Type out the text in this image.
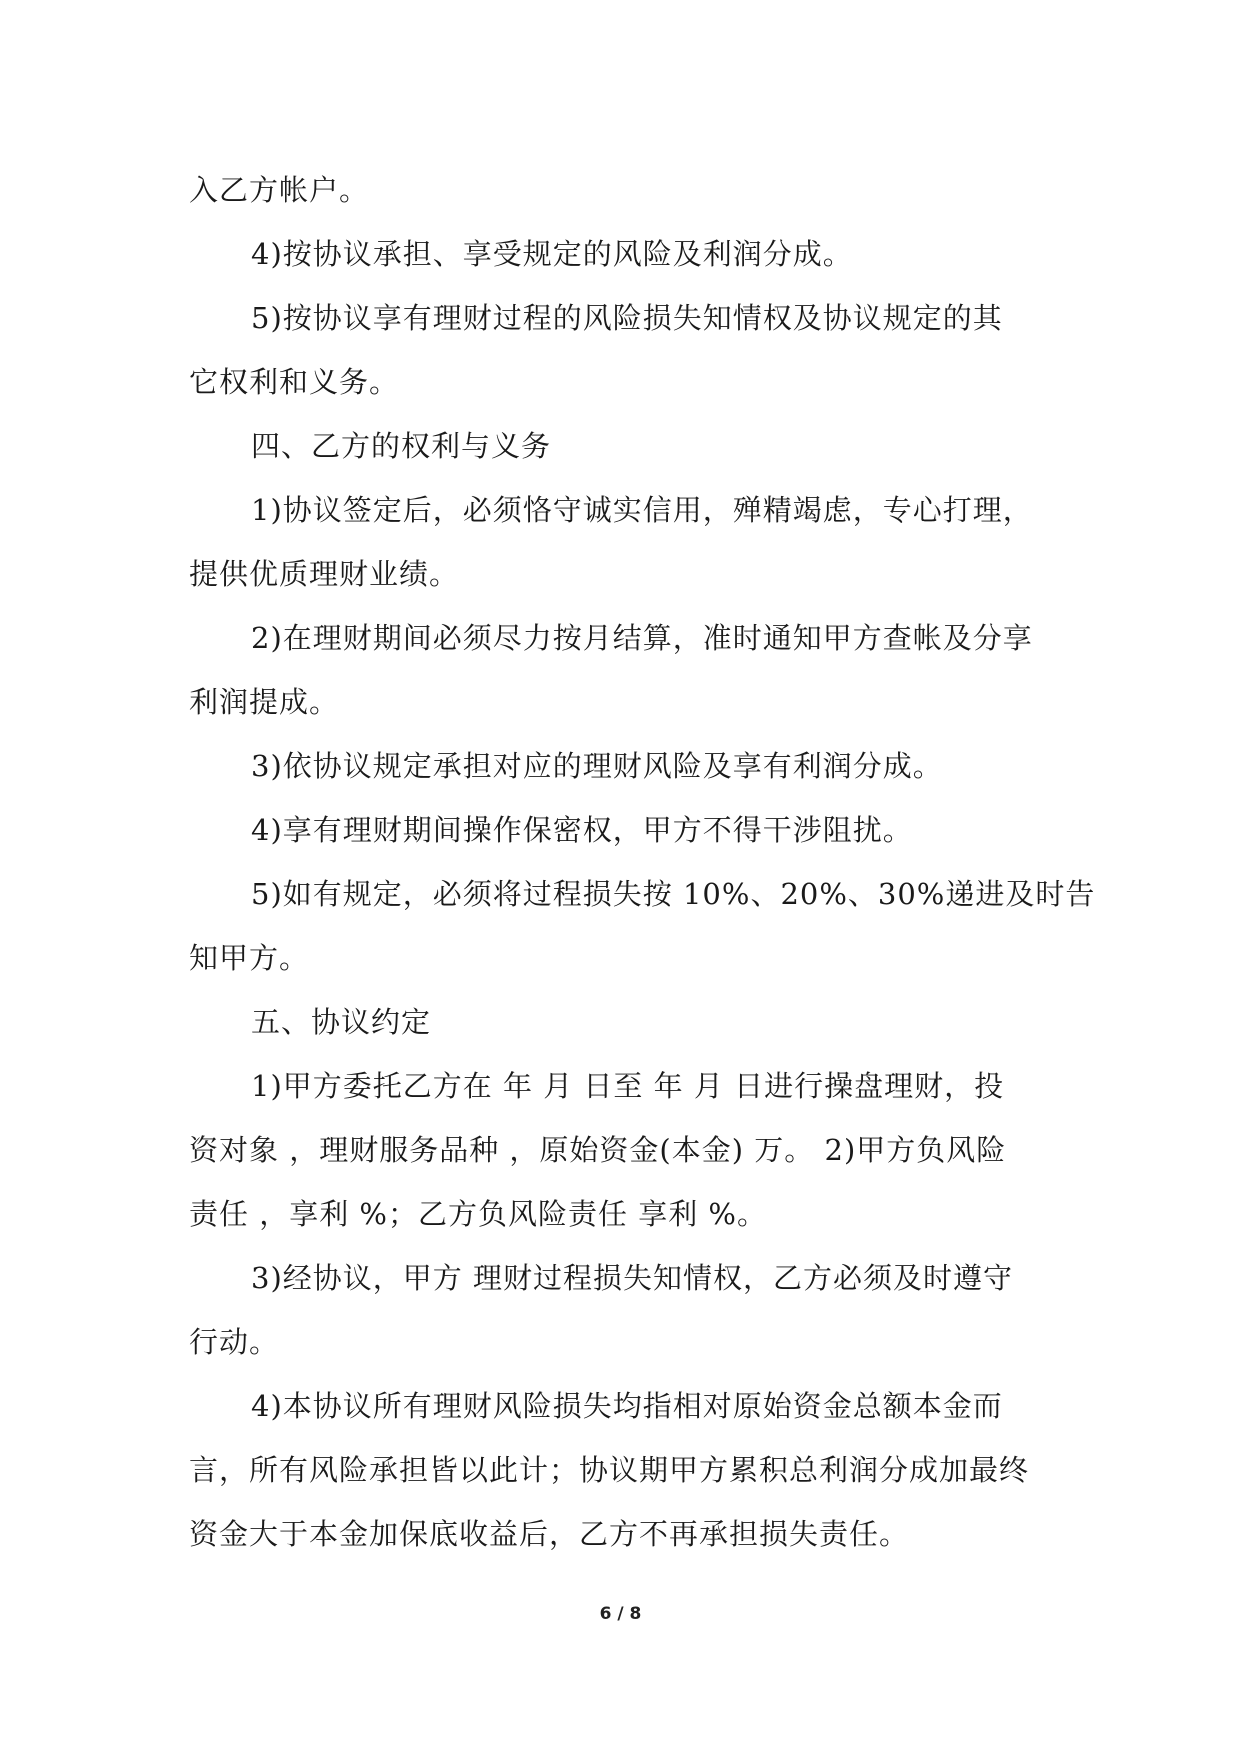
入乙方帐户。
4)按协议承担、享受规定的风险及利润分成。
5)按协议享有理财过程的风险损失知情权及协议规定的其
它权利和义务。
四、乙方的权利与义务
1)协议签定后，必须恪守诚实信用，殚精竭虑，专心打理，
提供优质理财业绩。
2)在理财期间必须尽力按月结算，准时通知甲方查帐及分享
利润提成。
3)依协议规定承担对应的理财风险及享有利润分成。
4)享有理财期间操作保密权，甲方不得干涉阻扰。
5)如有规定，必须将过程损失按 10%、20%、30%递进及时告
知甲方。
五、协议约定
1)甲方委托乙方在 年 月 日至 年 月 日进行操盘理财，投
资对象 ，理财服务品种 ，原始资金(本金) 万。 2)甲方负风险
责任 ，享利 %；乙方负风险责任 享利 %。
3)经协议，甲方 理财过程损失知情权，乙方必须及时遵守
行动。
4)本协议所有理财风险损失均指相对原始资金总额本金而
言，所有风险承担皆以此计；协议期甲方累积总利润分成加最终
资金大于本金加保底收益后，乙方不再承担损失责任。
6 / 8
